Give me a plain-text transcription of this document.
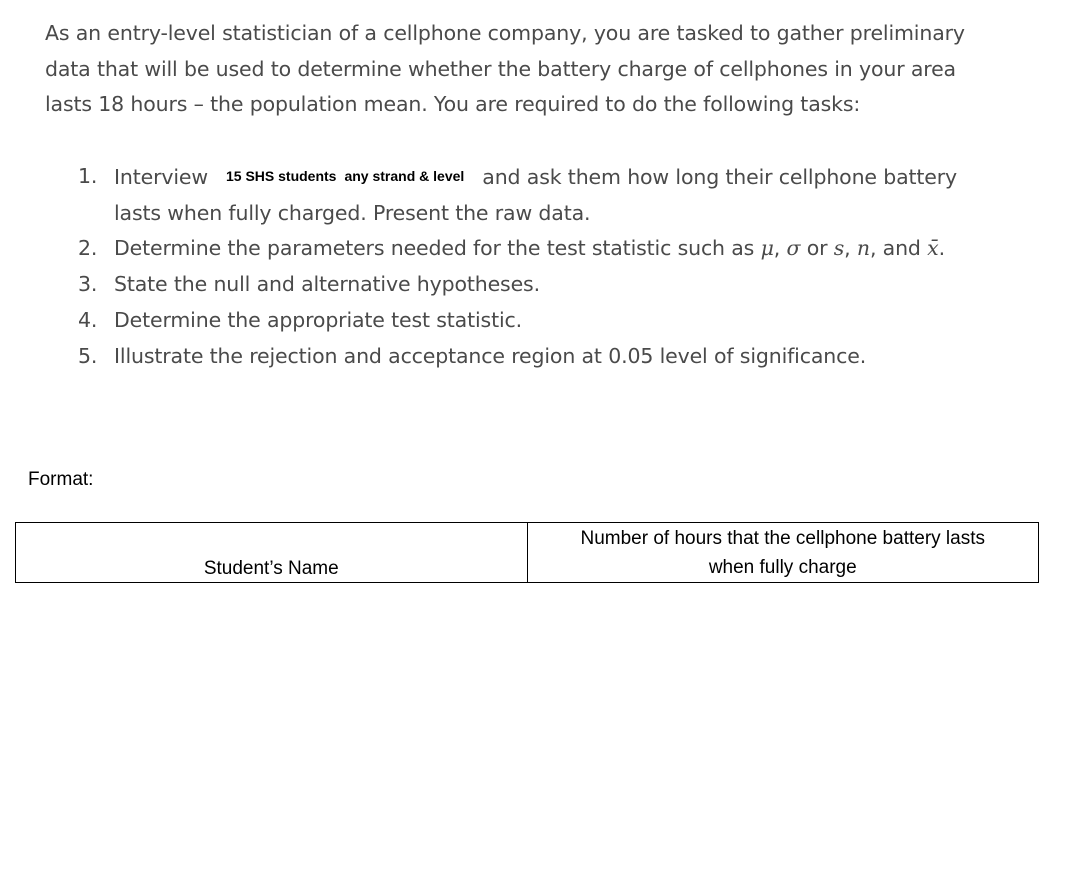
As an entry-level statistician of a cellphone company, you are tasked to gather preliminary
data that will be used to determine whether the battery charge of cellphones in your area
lasts 18 hours – the population mean. You are required to do the following tasks:
1. Interview 15 SHS students any strand & level and ask them how long their cellphone battery
lasts when fully charged. Present the raw data.
2. Determine the parameters needed for the test statistic such as μ, σ or s, n, and x̄.
3. State the null and alternative hypotheses.
4. Determine the appropriate test statistic.
5. Illustrate the rejection and acceptance region at 0.05 level of significance.
Format:
Student’s Name	Number of hours that the cellphone battery lasts
when fully charge
